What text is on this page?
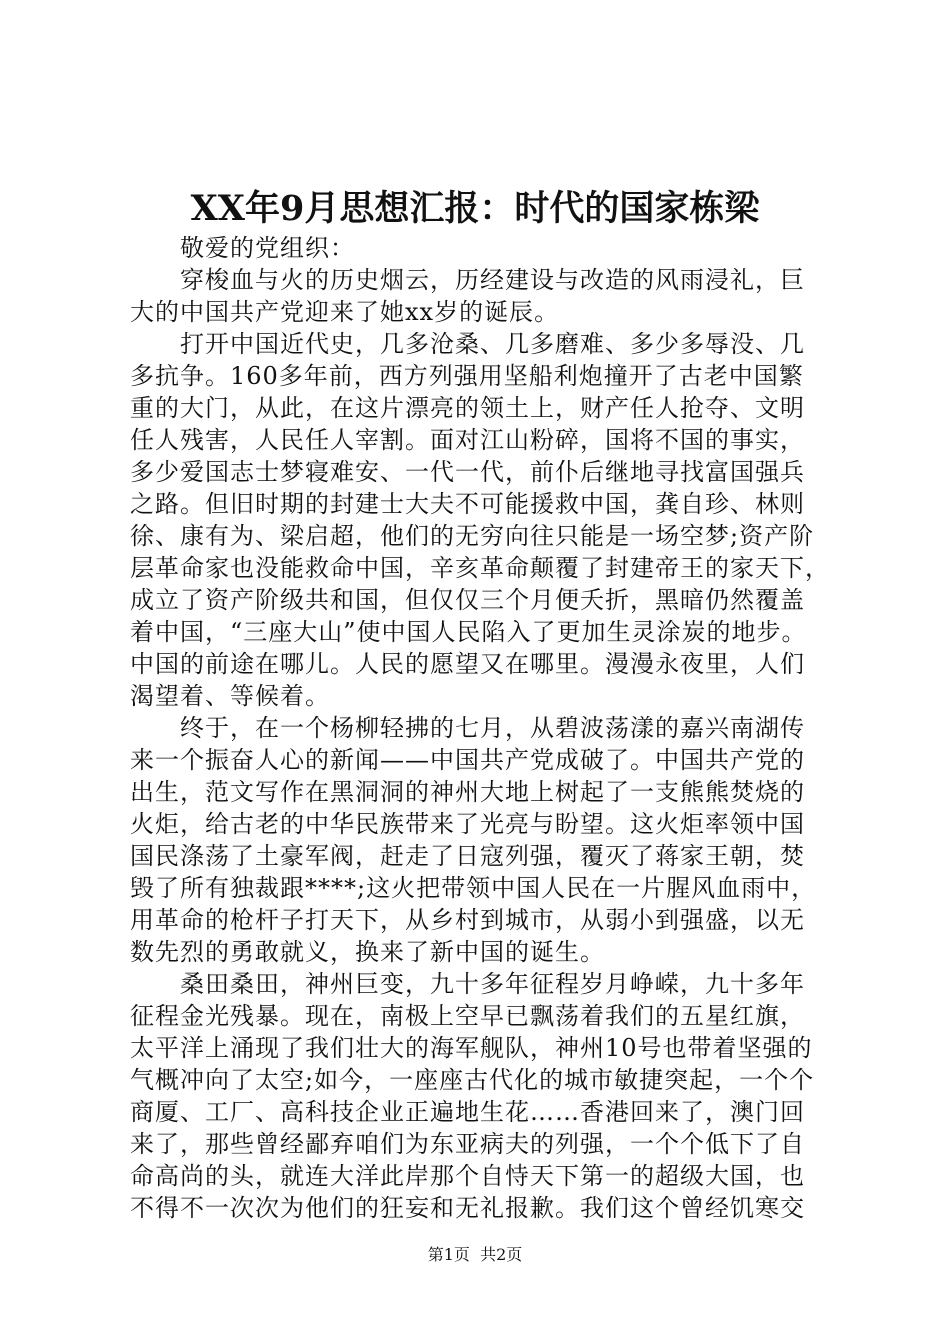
XX年9月思想汇报：时代的国家栋梁
敬爱的党组织：
穿梭血与火的历史烟云，历经建设与改造的风雨浸礼，巨
大的中国共产党迎来了她xx岁的诞辰。
打开中国近代史，几多沧桑、几多磨难、多少多辱没、几
多抗争。160多年前，西方列强用坚船利炮撞开了古老中国繁
重的大门，从此，在这片漂亮的领土上，财产任人抢夺、文明
任人残害，人民任人宰割。面对江山粉碎，国将不国的事实，
多少爱国志士梦寝难安、一代一代，前仆后继地寻找富国强兵
之路。但旧时期的封建士大夫不可能援救中国，龚自珍、林则
徐、康有为、梁启超，他们的无穷向往只能是一场空梦;资产阶
层革命家也没能救命中国，辛亥革命颠覆了封建帝王的家天下，
成立了资产阶级共和国，但仅仅三个月便夭折，黑暗仍然覆盖
着中国，“三座大山”使中国人民陷入了更加生灵涂炭的地步。
中国的前途在哪儿。人民的愿望又在哪里。漫漫永夜里，人们
渴望着、等候着。
终于，在一个杨柳轻拂的七月，从碧波荡漾的嘉兴南湖传
来一个振奋人心的新闻——中国共产党成破了。中国共产党的
出生，范文写作在黑洞洞的神州大地上树起了一支熊熊焚烧的
火炬，给古老的中华民族带来了光亮与盼望。这火炬率领中国
国民涤荡了土豪军阀，赶走了日寇列强，覆灭了蒋家王朝，焚
毁了所有独裁跟****;这火把带领中国人民在一片腥风血雨中，
用革命的枪杆子打天下，从乡村到城市，从弱小到强盛，以无
数先烈的勇敢就义，换来了新中国的诞生。
桑田桑田，神州巨变，九十多年征程岁月峥嵘，九十多年
征程金光残暴。现在，南极上空早已飘荡着我们的五星红旗，
太平洋上涌现了我们壮大的海军舰队，神州10号也带着坚强的
气概冲向了太空;如今，一座座古代化的城市敏捷突起，一个个
商厦、工厂、高科技企业正遍地生花……香港回来了，澳门回
来了，那些曾经鄙弃咱们为东亚病夫的列强，一个个低下了自
命高尚的头，就连大洋此岸那个自恃天下第一的超级大国，也
不得不一次次为他们的狂妄和无礼报歉。我们这个曾经饥寒交
第1页  共2页
